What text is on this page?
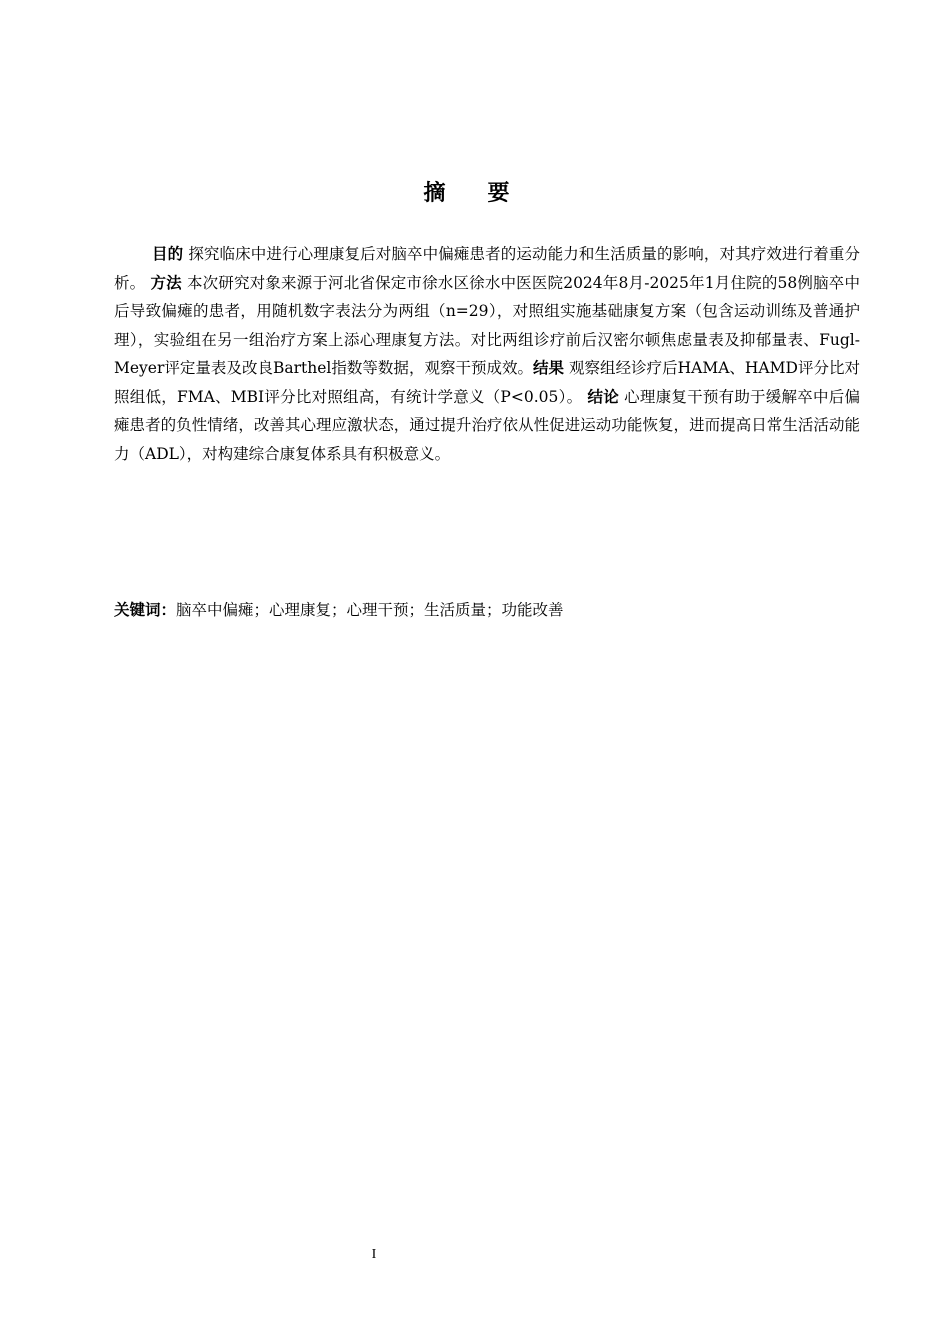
摘要

目的 探究临床中进行心理康复后对脑卒中偏瘫患者的运动能力和生活质量的影响，对其疗效进行着重分析。 方法 本次研究对象来源于河北省保定市徐水区徐水中医医院2024年8月-2025年1月住院的58例脑卒中后导致偏瘫的患者，用随机数字表法分为两组（n=29），对照组实施基础康复方案（包含运动训练及普通护理），实验组在另一组治疗方案上添心理康复方法。对比两组诊疗前后汉密尔顿焦虑量表及抑郁量表、Fugl-Meyer评定量表及改良Barthel指数等数据，观察干预成效。结果 观察组经诊疗后HAMA、HAMD评分比对照组低，FMA、MBI评分比对照组高，有统计学意义（P<0.05）。 结论 心理康复干预有助于缓解卒中后偏瘫患者的负性情绪，改善其心理应激状态，通过提升治疗依从性促进运动功能恢复，进而提高日常生活活动能力（ADL），对构建综合康复体系具有积极意义。

关键词：脑卒中偏瘫；心理康复；心理干预；生活质量；功能改善

I
